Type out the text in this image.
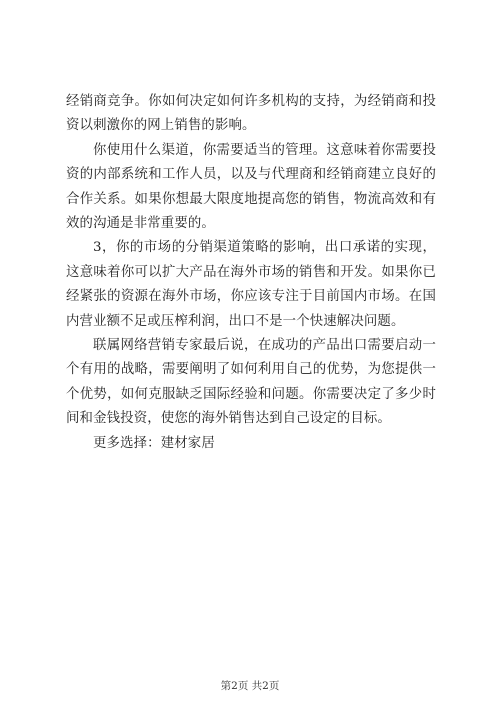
经销商竞争。你如何决定如何许多机构的支持，为经销商和投资以刺激你的网上销售的影响。

你使用什么渠道，你需要适当的管理。这意味着你需要投资的内部系统和工作人员，以及与代理商和经销商建立良好的合作关系。如果你想最大限度地提高您的销售，物流高效和有效的沟通是非常重要的。

3，你的市场的分销渠道策略的影响，出口承诺的实现，这意味着你可以扩大产品在海外市场的销售和开发。如果你已经紧张的资源在海外市场，你应该专注于目前国内市场。在国内营业额不足或压榨利润，出口不是一个快速解决问题。

联属网络营销专家最后说，在成功的产品出口需要启动一个有用的战略，需要阐明了如何利用自己的优势，为您提供一个优势，如何克服缺乏国际经验和问题。你需要决定了多少时间和金钱投资，使您的海外销售达到自己设定的目标。

更多选择：建材家居

第2页 共2页
